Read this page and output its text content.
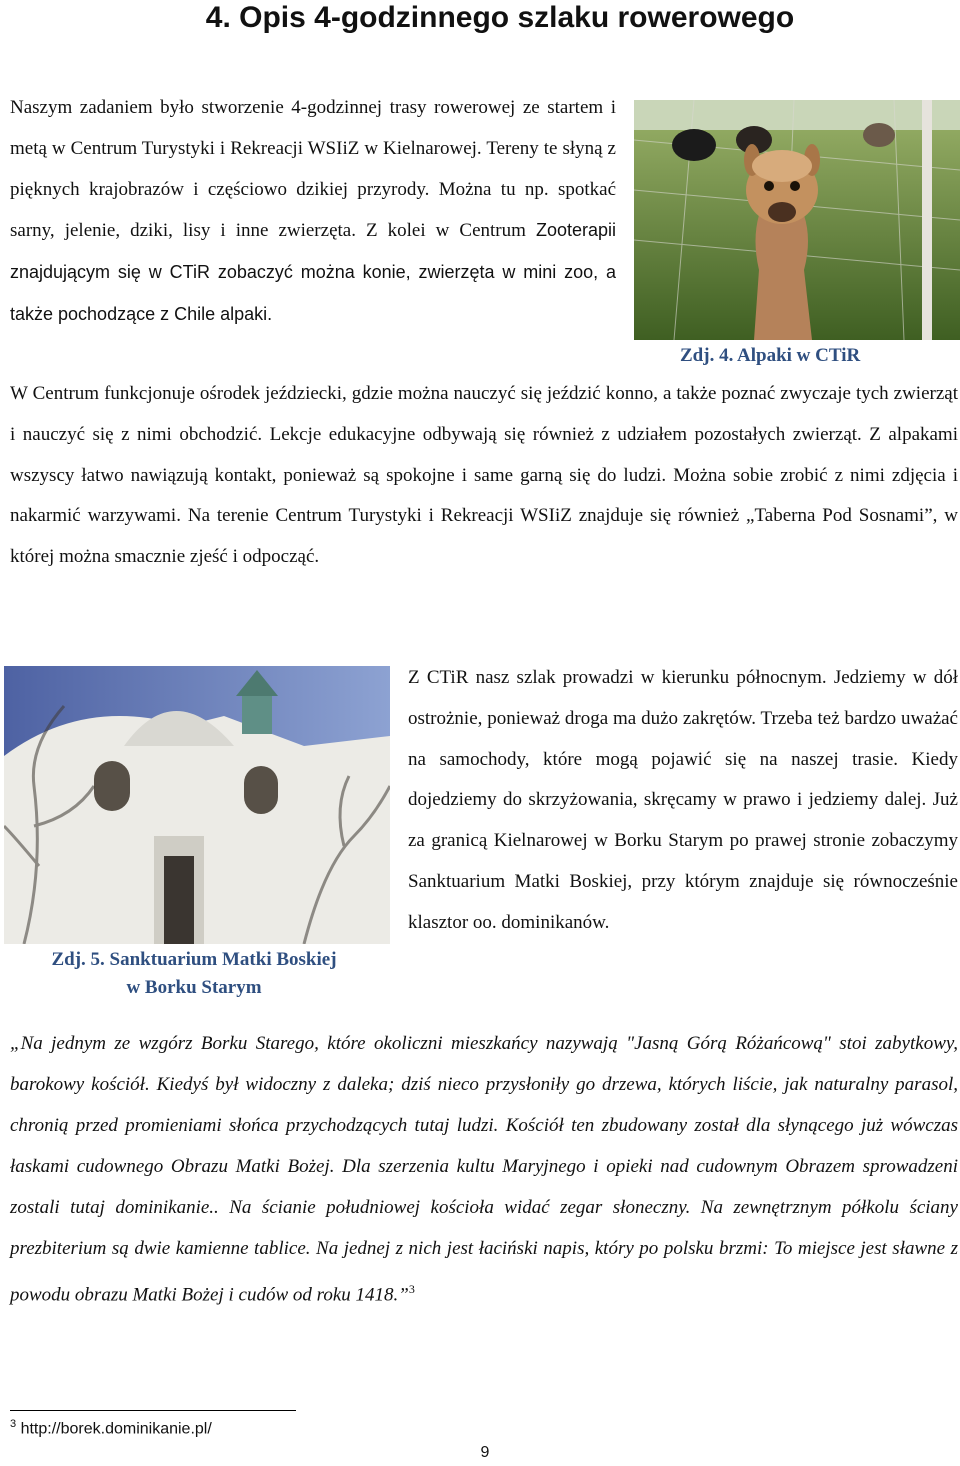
4. Opis 4-godzinnego szlaku rowerowego

Naszym zadaniem było stworzenie 4-godzinnej trasy rowerowej ze startem i metą w Centrum Turystyki i Rekreacji WSIiZ w Kielnarowej. Tereny te słyną z pięknych krajobrazów i częściowo dzikiej przyrody. Można tu np. spotkać sarny, jelenie, dziki, lisy i inne zwierzęta. Z kolei w Centrum Zooterapii znajdującym się w CTiR zobaczyć można konie, zwierzęta w mini zoo, a także pochodzące z Chile alpaki.

Zdj. 4. Alpaki w CTiR

W Centrum funkcjonuje ośrodek jeździecki, gdzie można nauczyć się jeździć konno, a także poznać zwyczaje tych zwierząt i nauczyć się z nimi obchodzić. Lekcje edukacyjne odbywają się również z udziałem pozostałych zwierząt. Z alpakami wszyscy łatwo nawiązują kontakt, ponieważ są spokojne i same garną się do ludzi. Można sobie zrobić z nimi zdjęcia i nakarmić warzywami. Na terenie Centrum Turystyki i Rekreacji WSIiZ znajduje się również „Taberna Pod Sosnami”, w której można smacznie zjeść i odpocząć.

Zdj. 5. Sanktuarium Matki Boskiej
w Borku Starym

Z CTiR nasz szlak prowadzi w kierunku północnym. Jedziemy w dół ostrożnie, ponieważ droga ma dużo zakrętów. Trzeba też bardzo uważać na samochody, które mogą pojawić się na naszej trasie. Kiedy dojedziemy do skrzyżowania, skręcamy w prawo i jedziemy dalej. Już za granicą Kielnarowej w Borku Starym po prawej stronie zobaczymy Sanktuarium Matki Boskiej, przy którym znajduje się równocześnie klasztor oo. dominikanów.

„Na jednym ze wzgórz Borku Starego, które okoliczni mieszkańcy nazywają "Jasną Górą Różańcową" stoi zabytkowy, barokowy kościół. Kiedyś był widoczny z daleka; dziś nieco przysłoniły go drzewa, których liście, jak naturalny parasol, chronią przed promieniami słońca przychodzących tutaj ludzi. Kościół ten zbudowany został dla słynącego już wówczas łaskami cudownego Obrazu Matki Bożej. Dla szerzenia kultu Maryjnego i opieki nad cudownym Obrazem sprowadzeni zostali tutaj dominikanie.. Na ścianie południowej kościoła widać zegar słoneczny. Na zewnętrznym półkolu ściany prezbiterium są dwie kamienne tablice. Na jednej z nich jest łaciński napis, który po polsku brzmi: To miejsce jest sławne z powodu obrazu Matki Bożej i cudów od roku 1418.”$^3$

$^3$ http://borek.dominikanie.pl/
9
